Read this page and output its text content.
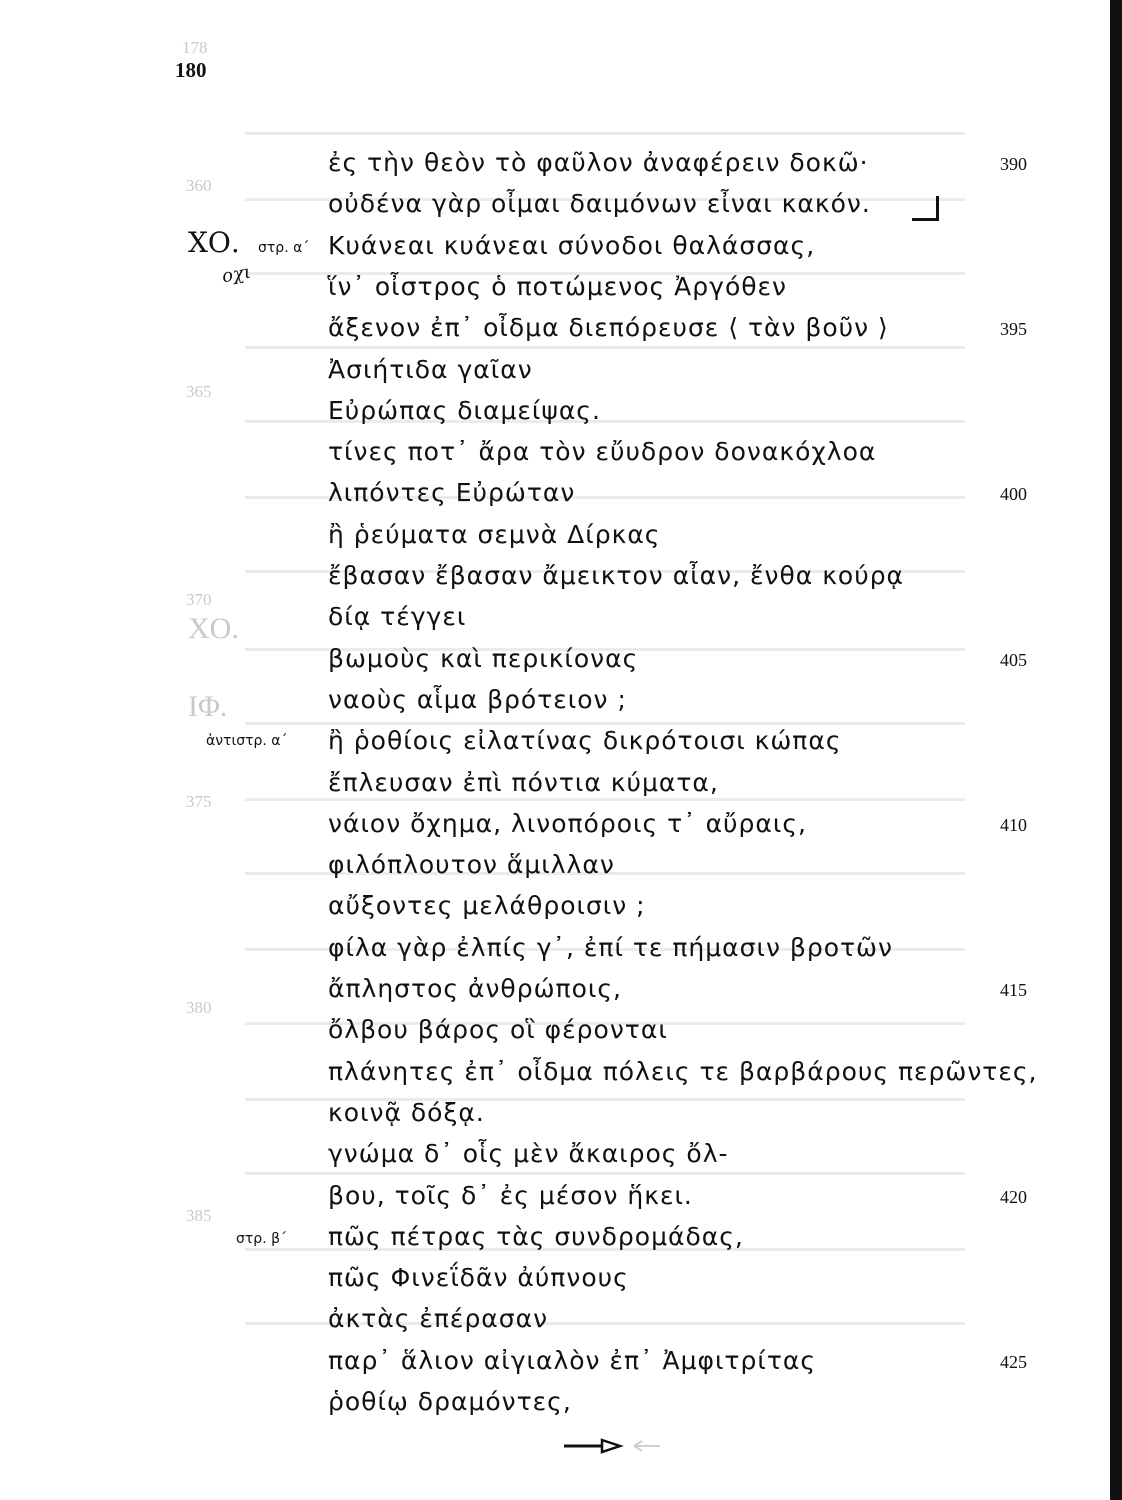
178
360
365
370
375
380
385
ΧΟ.
ΙΦ.
180
ΧΟ. στρ. α΄
ἀντιστρ. α΄
στρ. β΄
οχι
ἐς τὴν θεὸν τὸ φαῦλον ἀναφέρειν δοκῶ·	390
οὐδένα γὰρ οἶμαι δαιμόνων εἶναι κακόν.
Κυάνεαι κυάνεαι σύνοδοι θαλάσσας,
ἵν᾽ οἶστρος ὁ ποτώμενος Ἀργόθεν
ἄξενον ἐπ᾽ οἶδμα διεπόρευσε ⟨ τὰν βοῦν ⟩	395
Ἀσιήτιδα γαῖαν
Εὐρώπας διαμείψας.
τίνες ποτ᾽ ἄρα τὸν εὔυδρον δονακόχλοα
λιπόντες Εὐρώταν	400
ἢ ῥεύματα σεμνὰ Δίρκας
ἔβασαν ἔβασαν ἄμεικτον αἶαν, ἔνθα κούρᾳ
δίᾳ τέγγει
βωμοὺς καὶ περικίονας	405
ναοὺς αἷμα βρότειον ;
ἢ ῥοθίοις εἰλατίνας δικρότοισι κώπας
ἔπλευσαν ἐπὶ πόντια κύματα,
νάιον ὄχημα, λινοπόροις τ᾽ αὔραις,	410
φιλόπλουτον ἅμιλλαν
αὔξοντες μελάθροισιν ;
φίλα γὰρ ἐλπίς γ᾽, ἐπί τε πήμασιν βροτῶν
ἄπληστος ἀνθρώποις,	415
ὄλβου βάρος οἳ φέρονται
πλάνητες ἐπ᾽ οἶδμα πόλεις τε βαρβάρους περῶντες,
κοινᾷ δόξᾳ.
γνώμα δ᾽ οἷς μὲν ἄκαιρος ὄλ-
βου, τοῖς δ᾽ ἐς μέσον ἥκει.	420
πῶς πέτρας τὰς συνδρομάδας,
πῶς Φινεΐδᾶν ἀύπνους
ἀκτὰς ἐπέρασαν
παρ᾽ ἅλιον αἰγιαλὸν ἐπ᾽ Ἀμφιτρίτας	425
ῥοθίῳ δραμόντες,
